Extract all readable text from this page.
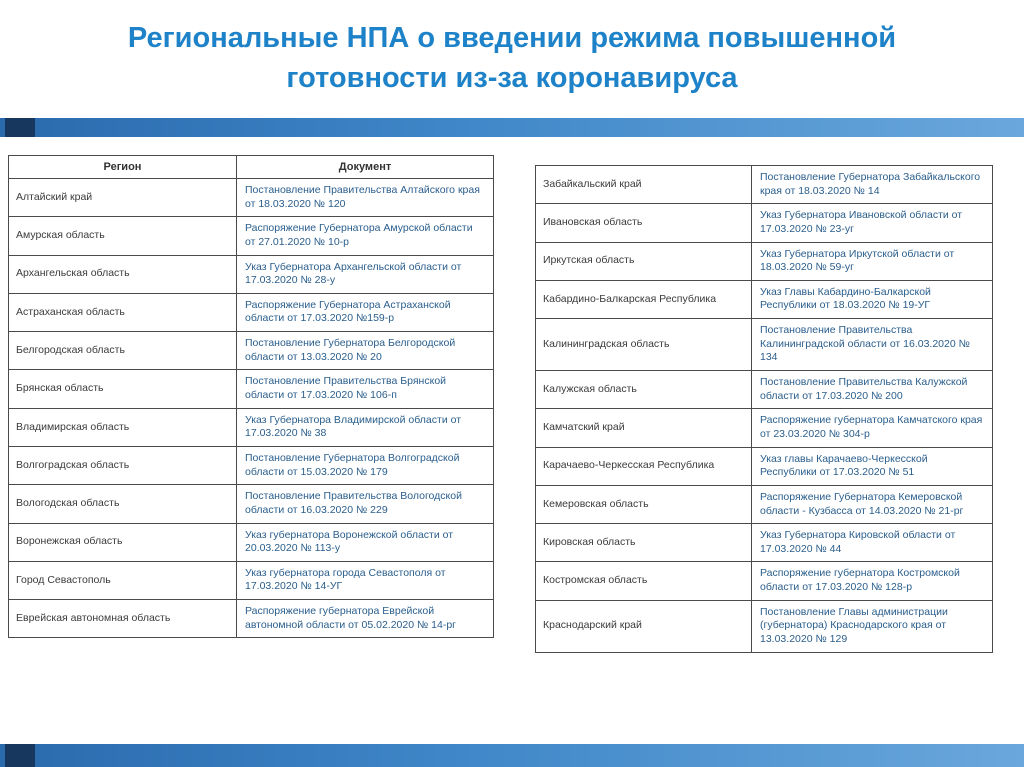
Региональные НПА о введении режима повышенной
готовности из-за коронавируса
Регион	Документ
Алтайский край	Постановление Правительства Алтайского края от 18.03.2020 № 120
Амурская область	Распоряжение Губернатора Амурской области от 27.01.2020 № 10-р
Архангельская область	Указ Губернатора Архангельской области от 17.03.2020 № 28-у
Астраханская область	Распоряжение Губернатора Астраханской области от 17.03.2020 №159-р
Белгородская область	Постановление Губернатора Белгородской области от 13.03.2020 № 20
Брянская область	Постановление Правительства Брянской области от 17.03.2020 № 106-п
Владимирская область	Указ Губернатора Владимирской области от 17.03.2020 № 38
Волгоградская область	Постановление Губернатора Волгоградской области от 15.03.2020 № 179
Вологодская область	Постановление Правительства Вологодской области от 16.03.2020 № 229
Воронежская область	Указ губернатора Воронежской области от 20.03.2020 № 113-у
Город Севастополь	Указ губернатора города Севастополя от 17.03.2020 № 14-УГ
Еврейская автономная область	Распоряжение губернатора Еврейской автономной области от 05.02.2020 № 14-рг
Забайкальский край	Постановление Губернатора Забайкальского края от 18.03.2020 № 14
Ивановская область	Указ Губернатора Ивановской области от 17.03.2020 № 23-уг
Иркутская область	Указ Губернатора Иркутской области от 18.03.2020 № 59-уг
Кабардино-Балкарская Республика	Указ Главы Кабардино-Балкарской Республики от 18.03.2020 № 19-УГ
Калининградская область	Постановление Правительства Калининградской области от 16.03.2020 № 134
Калужская область	Постановление Правительства Калужской области от 17.03.2020 № 200
Камчатский край	Распоряжение губернатора Камчатского края от 23.03.2020 № 304-р
Карачаево-Черкесская Республика	Указ главы Карачаево-Черкесской Республики от 17.03.2020 № 51
Кемеровская область	Распоряжение Губернатора Кемеровской области - Кузбасса от 14.03.2020 № 21-рг
Кировская область	Указ Губернатора Кировской области от 17.03.2020 № 44
Костромская область	Распоряжение губернатора Костромской области от 17.03.2020 № 128-р
Краснодарский край	Постановление Главы администрации (губернатора) Краснодарского края от 13.03.2020 № 129
